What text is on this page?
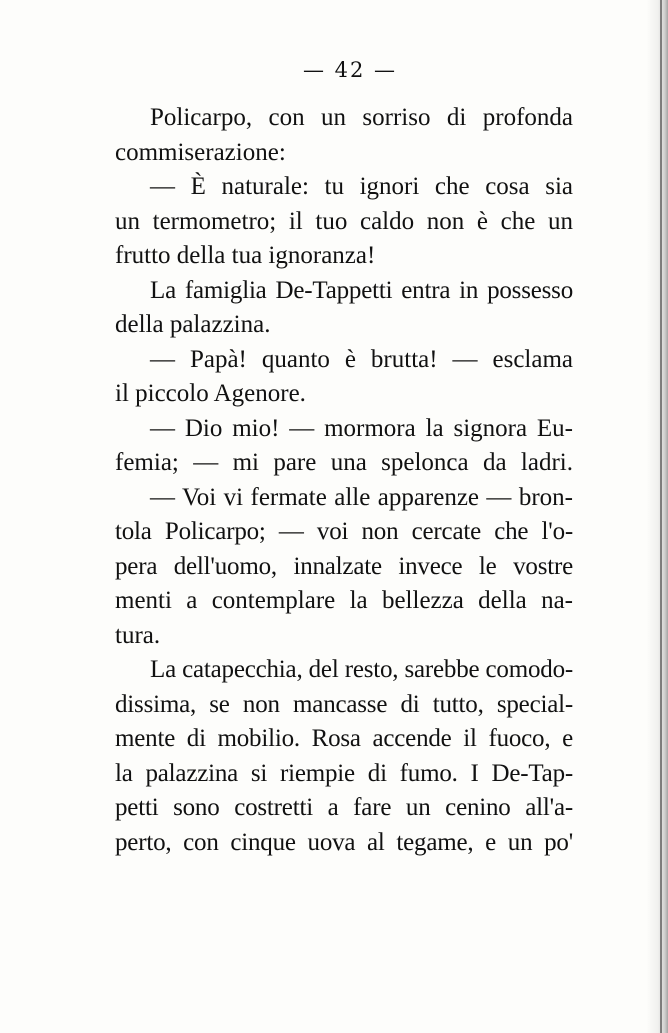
— 42 —
Policarpo, con un sorriso di profonda
commiserazione:
— È naturale: tu ignori che cosa sia
un termometro; il tuo caldo non è che un
frutto della tua ignoranza!
La famiglia De-Tappetti entra in possesso
della palazzina.
— Papà! quanto è brutta! — esclama
il piccolo Agenore.
— Dio mio! — mormora la signora Eu-
femia; — mi pare una spelonca da ladri.
— Voi vi fermate alle apparenze — bron-
tola Policarpo; — voi non cercate che l'o-
pera dell'uomo, innalzate invece le vostre
menti a contemplare la bellezza della na-
tura.
La catapecchia, del resto, sarebbe comodo-
dissima, se non mancasse di tutto, special-
mente di mobilio. Rosa accende il fuoco, e
la palazzina si riempie di fumo. I De-Tap-
petti sono costretti a fare un cenino all'a-
perto, con cinque uova al tegame, e un po'
